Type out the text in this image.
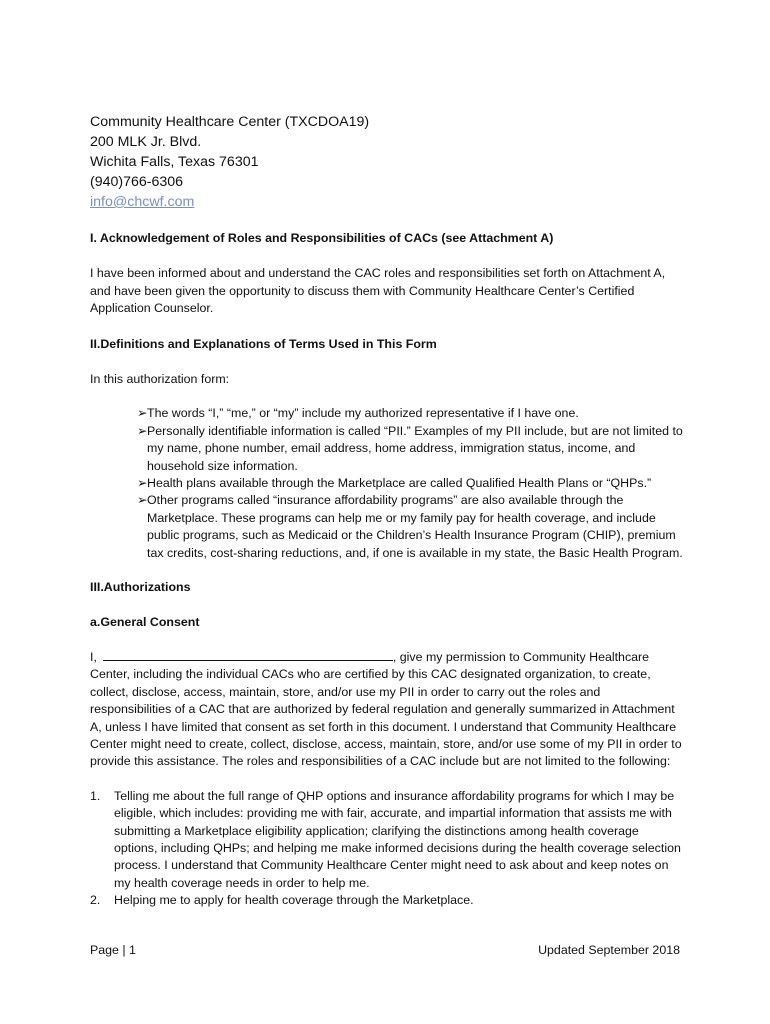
Community Healthcare Center (TXCDOA19)
200 MLK Jr. Blvd.
Wichita Falls, Texas 76301
(940)766-6306
info@chcwf.com

I. Acknowledgement of Roles and Responsibilities of CACs (see Attachment A)

I have been informed about and understand the CAC roles and responsibilities set forth on Attachment A, and have been given the opportunity to discuss them with Community Healthcare Center’s Certified Application Counselor.

II.Definitions and Explanations of Terms Used in This Form

In this authorization form:

➢ The words “I,” “me,” or “my” include my authorized representative if I have one.
➢ Personally identifiable information is called “PII.” Examples of my PII include, but are not limited to my name, phone number, email address, home address, immigration status, income, and household size information.
➢ Health plans available through the Marketplace are called Qualified Health Plans or “QHPs.”
➢ Other programs called “insurance affordability programs” are also available through the Marketplace. These programs can help me or my family pay for health coverage, and include public programs, such as Medicaid or the Children’s Health Insurance Program (CHIP), premium tax credits, cost-sharing reductions, and, if one is available in my state, the Basic Health Program.

III.Authorizations

a.General Consent

I,	, give my permission to Community Healthcare Center, including the individual CACs who are certified by this CAC designated organization, to create, collect, disclose, access, maintain, store, and/or use my PII in order to carry out the roles and responsibilities of a CAC that are authorized by federal regulation and generally summarized in Attachment A, unless I have limited that consent as set forth in this document. I understand that Community Healthcare Center might need to create, collect, disclose, access, maintain, store, and/or use some of my PII in order to provide this assistance. The roles and responsibilities of a CAC include but are not limited to the following:

1. Telling me about the full range of QHP options and insurance affordability programs for which I may be eligible, which includes: providing me with fair, accurate, and impartial information that assists me with submitting a Marketplace eligibility application; clarifying the distinctions among health coverage options, including QHPs; and helping me make informed decisions during the health coverage selection process. I understand that Community Healthcare Center might need to ask about and keep notes on my health coverage needs in order to help me.
2. Helping me to apply for health coverage through the Marketplace.
Page | 1	Updated September 2018
